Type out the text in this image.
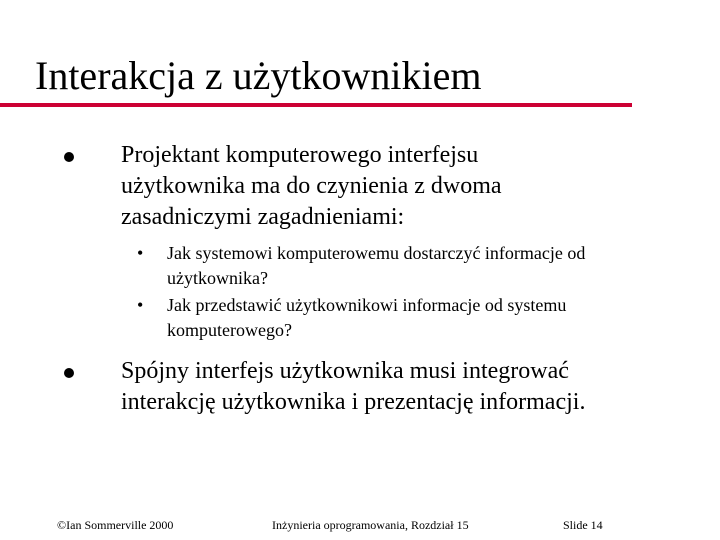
Interakcja z użytkownikiem
Projektant komputerowego interfejsu
użytkownika ma do czynienia z dwoma
zasadniczymi zagadnieniami:
• Jak systemowi komputerowemu dostarczyć informacje od
użytkownika?
• Jak przedstawić użytkownikowi informacje od systemu
komputerowego?
Spójny interfejs użytkownika musi integrować
interakcję użytkownika i prezentację informacji.
©Ian Sommerville 2000	Inżynieria oprogramowania, Rozdział 15	Slide 14
